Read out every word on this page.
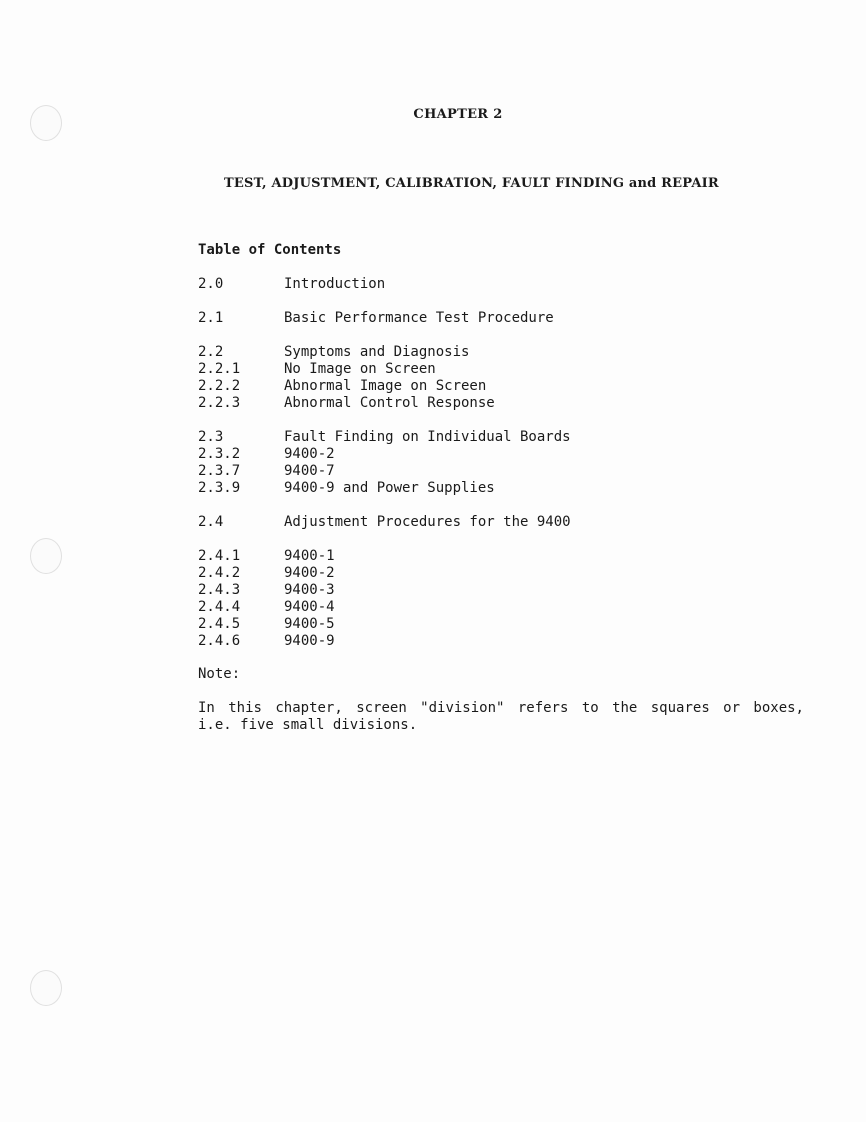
CHAPTER 2
TEST, ADJUSTMENT, CALIBRATION, FAULT FINDING and REPAIR
Table of Contents
2.0	Introduction
2.1	Basic Performance Test Procedure
2.2	Symptoms and Diagnosis
2.2.1	No Image on Screen
2.2.2	Abnormal Image on Screen
2.2.3	Abnormal Control Response
2.3	Fault Finding on Individual Boards
2.3.2	9400-2
2.3.7	9400-7
2.3.9	9400-9 and Power Supplies
2.4	Adjustment Procedures for the 9400
2.4.1	9400-1
2.4.2	9400-2
2.4.3	9400-3
2.4.4	9400-4
2.4.5	9400-5
2.4.6	9400-9
Note:
In this chapter, screen "division" refers to the squares or boxes,
i.e. five small divisions.
